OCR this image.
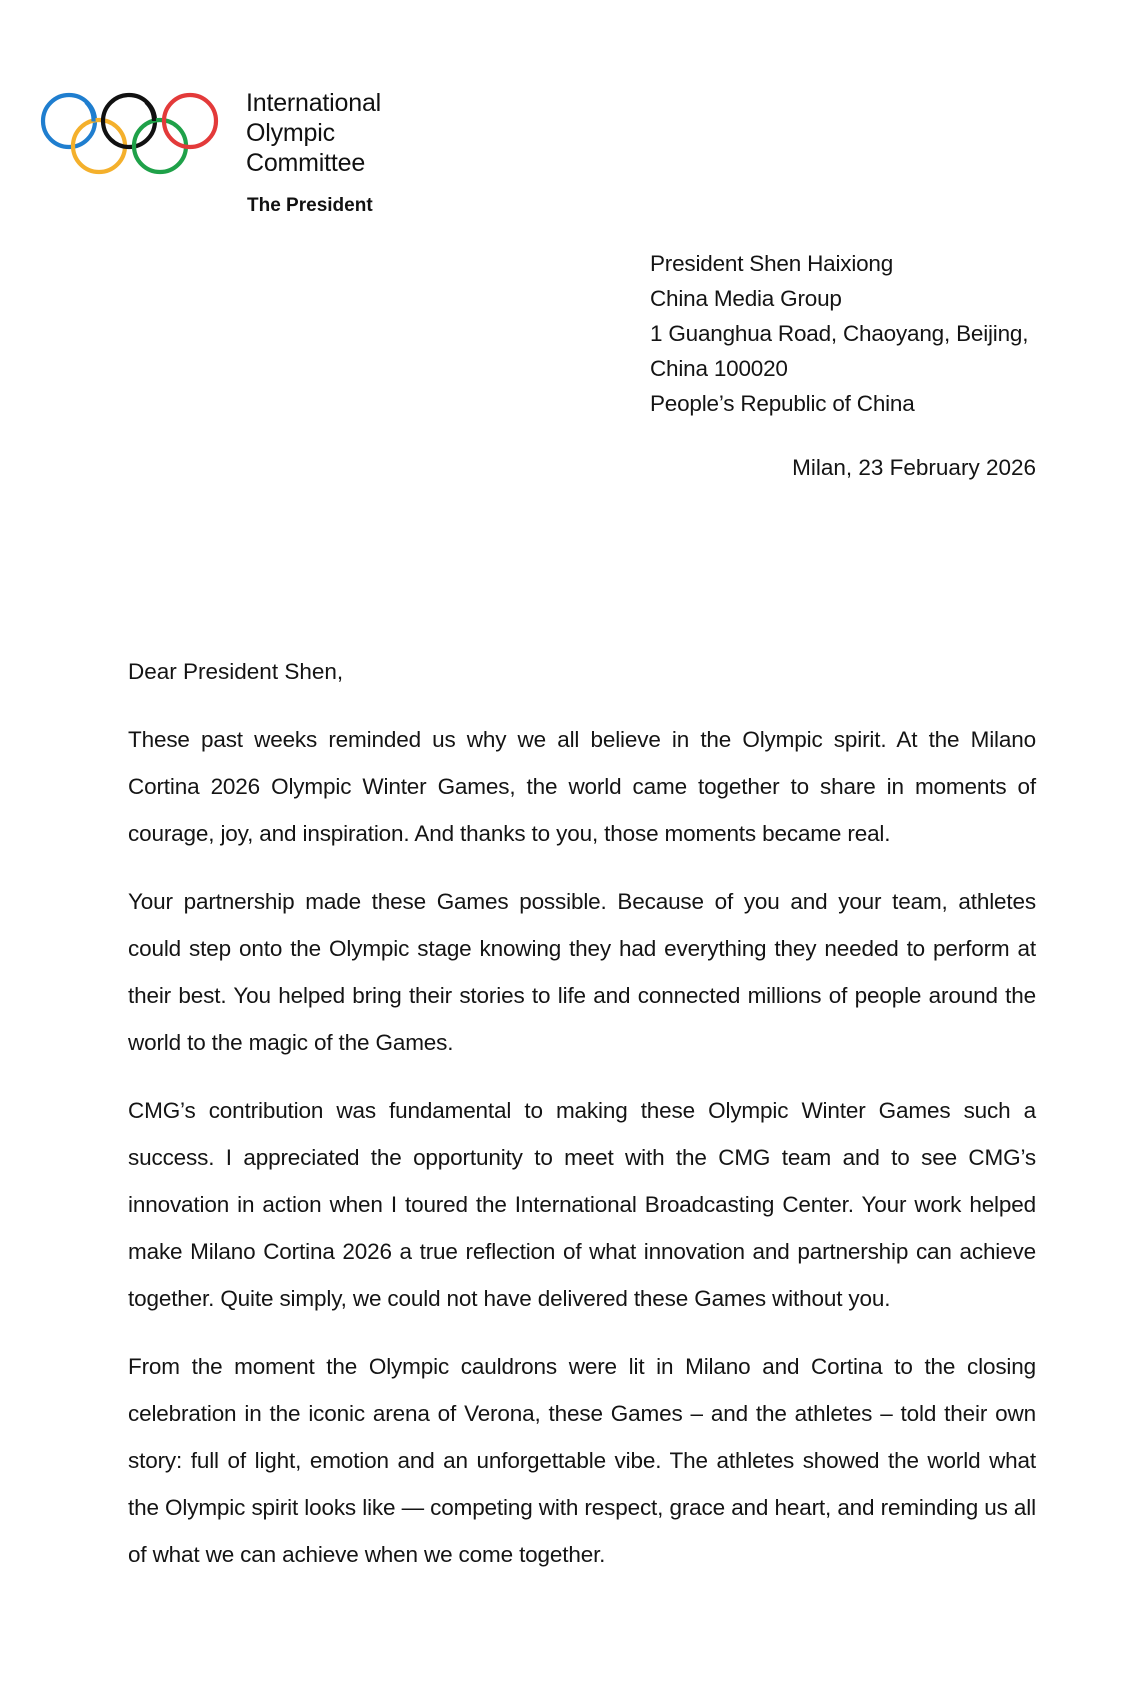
International
Olympic
Committee
The President
President Shen Haixiong
China Media Group
1 Guanghua Road, Chaoyang, Beijing,
China 100020
People’s Republic of China
Milan, 23 February 2026
Dear President Shen,

These past weeks reminded us why we all believe in the Olympic spirit. At the Milano Cortina 2026 Olympic Winter Games, the world came together to share in moments of courage, joy, and inspiration. And thanks to you, those moments became real.

Your partnership made these Games possible. Because of you and your team, athletes could step onto the Olympic stage knowing they had everything they needed to perform at their best. You helped bring their stories to life and connected millions of people around the world to the magic of the Games.

CMG’s contribution was fundamental to making these Olympic Winter Games such a success. I appreciated the opportunity to meet with the CMG team and to see CMG’s innovation in action when I toured the International Broadcasting Center. Your work helped make Milano Cortina 2026 a true reflection of what innovation and partnership can achieve together. Quite simply, we could not have delivered these Games without you.

From the moment the Olympic cauldrons were lit in Milano and Cortina to the closing celebration in the iconic arena of Verona, these Games – and the athletes – told their own story: full of light, emotion and an unforgettable vibe. The athletes showed the world what the Olympic spirit looks like — competing with respect, grace and heart, and reminding us all of what we can achieve when we come together.
